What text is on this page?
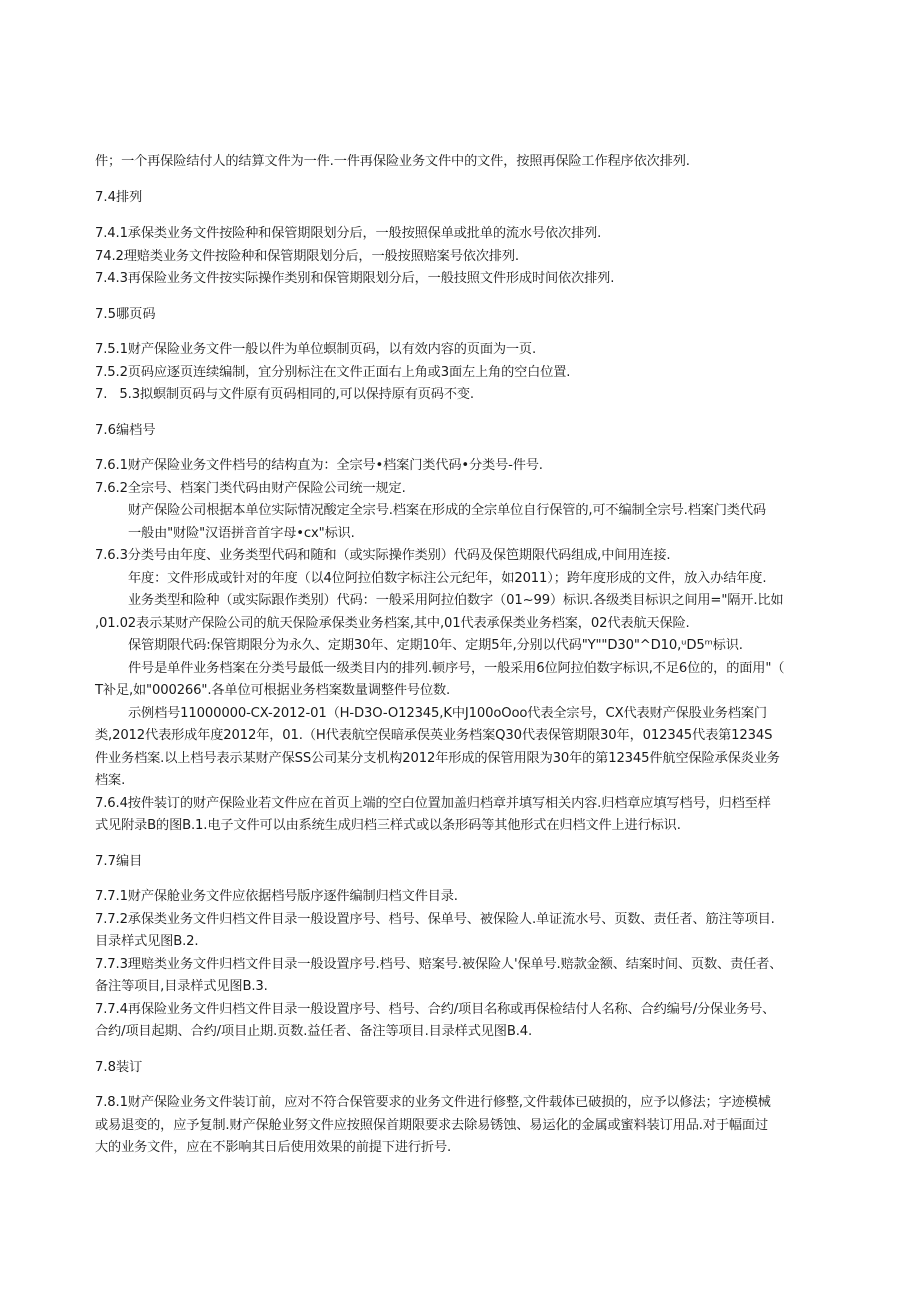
件；一个再保险结付人的结算文件为一件.一件再保险业务文件中的文件，按照再保险工作程序依次排列.

7.4排列

7.4.1承保类业务文件按险种和保管期限划分后，一般按照保单或批单的流水号依次排列.

74.2理赔类业务文件按险种和保管期限划分后，一般按照赔案号依次排列.

7.4.3再保险业务文件按实际操作类别和保管期限划分后，一般技照文件形成时间依次排列.

7.5哪页码

7.5.1财产保险业务文件一般以件为单位螟制页码，以有效内容的页面为一页.

7.5.2页码应逐页连续编制，宜分别标注在文件正面右上角或3面左上角的空白位置.

7.   5.3拟螟制页码与文件原有页码相同的,可以保持原有页码不变.

7.6编档号

7.6.1财产保险业务文件档号的结构直为：全宗号•档案门类代码•分类号-件号.

7.6.2全宗号、档案门类代码由财产保险公司统一规定.

财产保险公司根据本单位实际情况酸定全宗号.档案在形成的全宗单位自行保管的,可不编制全宗号.档案门类代码

一般由"财险"汉语拼音首字母•cx"标识.

7.6.3分类号由年度、业务类型代码和随和（或实际操作类别）代码及保笆期限代码组成,中间用连接.

年度：文件形成或针对的年度（以4位阿拉伯数字标注公元纪年，如2011）；跨年度形成的文件，放入办结年度.

业务类型和险种（或实际跟作类别）代码：一般采用阿拉伯数字（01~99）标识.各级类目标识之间用="隔开.比如

,01.02表示某财产保险公司的航天保险承保类业务档案,其中,01代表承保类业务档案，02代表航天保险.

保管期限代码:保管期限分为永久、定期30年、定期10年、定期5年,分别以代码"Y""D30"^D10,ᵘD5ᵐ标识.

件号是单件业务档案在分类号最低一级类目内的排列.顿序号，一般采用6位阿拉伯数字标识,不足6位的，的面用"（

T补足,如"000266".各单位可根据业务档案数量调整件号位数.

示例档号11000000-CX-2012-01（H-D3O-O12345,K中J100oOoo代表全宗号，CX代表财产保股业务档案门

类,2012代表形成年度2012年，01.（H代表航空俣暗承俣英业务档案Q30代表保管期限30年，012345代表第1234S

件业务档案.以上档号表示某财产保SS公司某分支机构2012年形成的保管用限为30年的第12345件航空保险承保炎业务

档案.

7.6.4按件装订的财产保险业若文件应在首页上端的空白位置加盖归档章并填写相关内容.归档章应填写档号，归档至样

式见附录B的图B.1.电子文件可以由系统生成归档三样式或以条形码等其他形式在归档文件上进行标识.

7.7编目

7.7.1财产保舱业务文件应依据档号版序逐件编制归档文件目录.

7.7.2承保类业务文件归档文件目录一般设置序号、档号、保单号、被保险人.单证流水号、页数、责任者、筋注等项目.

目录样式见图B.2.

7.7.3理赔类业务文件归档文件目录一般设置序号.档号、赔案号.被保险人'保单号.赔款金额、结案时间、页数、责任者、

备注等项目,目录样式见图B.3.

7.7.4再保险业务文件归档文件目录一般设置序号、档号、合约/项目名称或再保检结付人名称、合约编号/分保业务号、

合约/项目起期、合约/项目止期.页数.益任者、备注等项目.目录样式见图B.4.

7.8装订

7.8.1财产保险业务文件装订前，应对不符合保管要求的业务文件进行修整,文件载体已破损的，应予以修法；字迹模械

或易退变的，应予复制.财产保舱业努文件应按照保首期限要求去除易锈蚀、易运化的金属或蜜料装订用品.对于幅面过

大的业务文件，应在不影响其日后使用效果的前提下进行折号.
